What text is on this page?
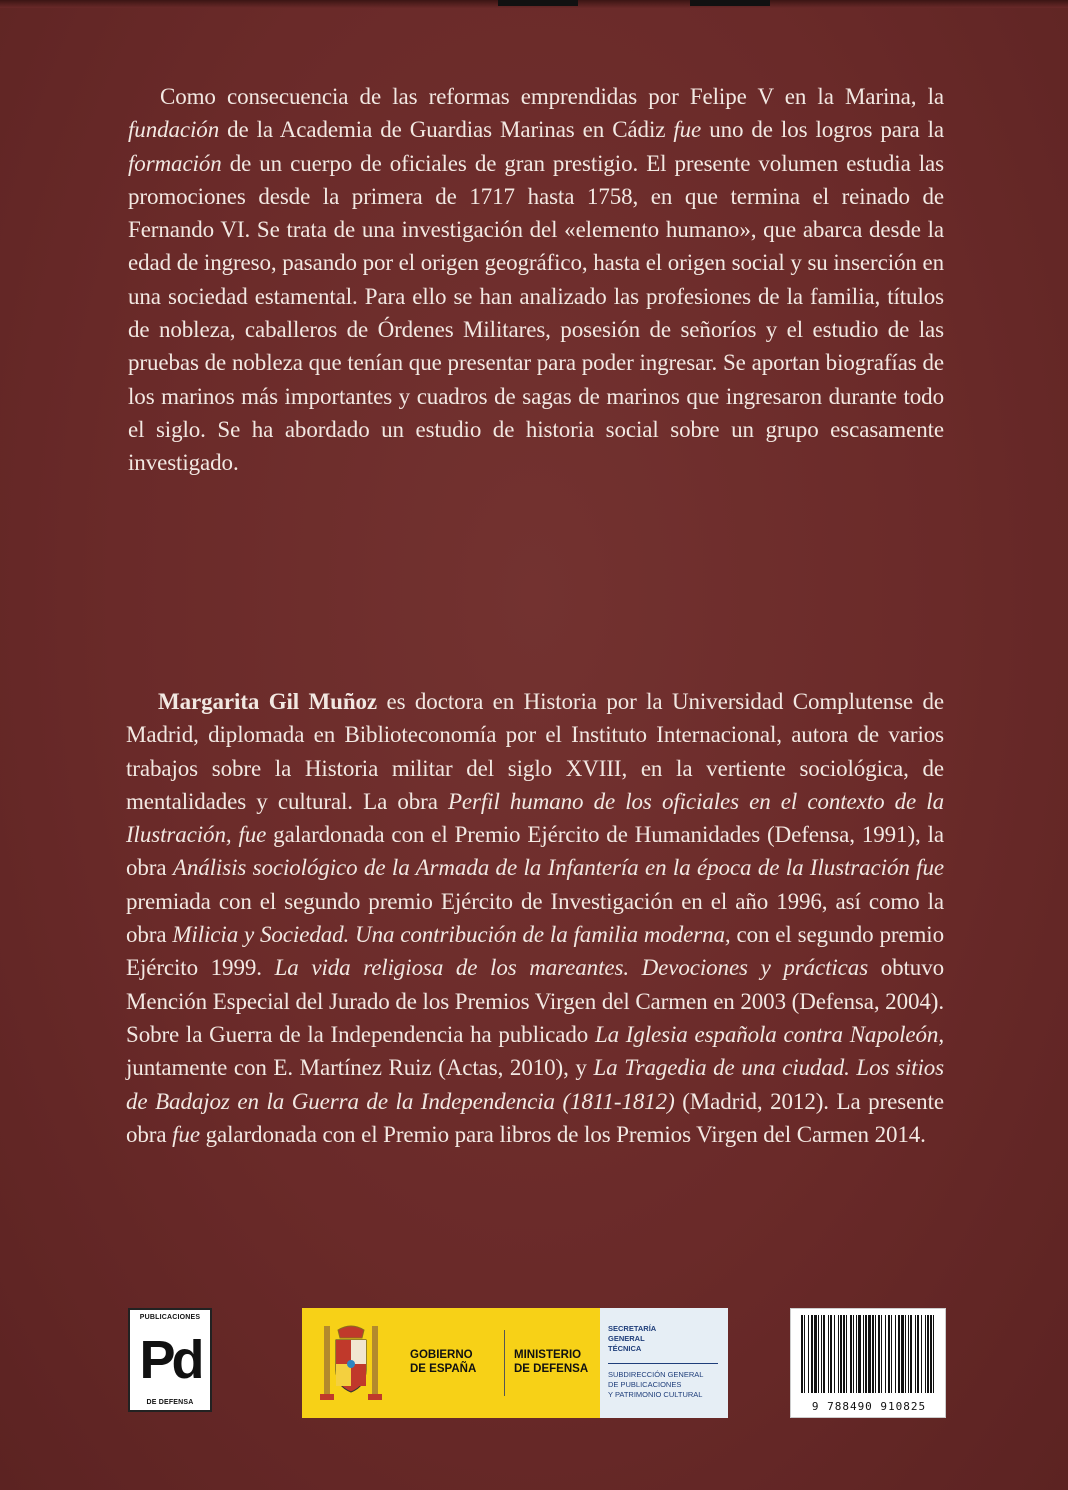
Como consecuencia de las reformas emprendidas por Felipe V en la Marina, la fundación de la Academia de Guardias Marinas en Cádiz fue uno de los logros para la formación de un cuerpo de oficiales de gran prestigio. El presente volumen estudia las promociones desde la primera de 1717 hasta 1758, en que termina el reinado de Fernando VI. Se trata de una investigación del «elemento humano», que abarca desde la edad de ingreso, pasando por el origen geográfico, hasta el origen social y su inserción en una sociedad estamental. Para ello se han analizado las profesiones de la familia, títulos de nobleza, caballeros de Órdenes Militares, posesión de señoríos y el estudio de las pruebas de nobleza que tenían que presentar para poder ingresar. Se aportan biografías de los marinos más importantes y cuadros de sagas de marinos que ingresaron durante todo el siglo. Se ha abordado un estudio de historia social sobre un grupo escasamente investigado.

Margarita Gil Muñoz es doctora en Historia por la Universidad Complutense de Madrid, diplomada en Biblioteconomía por el Instituto Internacional, autora de varios trabajos sobre la Historia militar del siglo XVIII, en la vertiente sociológica, de mentalidades y cultural. La obra Perfil humano de los oficiales en el contexto de la Ilustración, fue galardonada con el Premio Ejército de Humanidades (Defensa, 1991), la obra Análisis sociológico de la Armada de la Infantería en la época de la Ilustración fue premiada con el segundo premio Ejército de Investigación en el año 1996, así como la obra Milicia y Sociedad. Una contribución de la familia moderna, con el segundo premio Ejército 1999. La vida religiosa de los mareantes. Devociones y prácticas obtuvo Mención Especial del Jurado de los Premios Virgen del Carmen en 2003 (Defensa, 2004). Sobre la Guerra de la Independencia ha publicado La Iglesia española contra Napoleón, juntamente con E. Martínez Ruiz (Actas, 2010), y La Tragedia de una ciudad. Los sitios de Badajoz en la Guerra de la Independencia (1811-1812) (Madrid, 2012). La presente obra fue galardonada con el Premio para libros de los Premios Virgen del Carmen 2014.

PUBLICACIONES
Pd
DE DEFENSA
GOBIERNO
DE ESPAÑA
MINISTERIO
DE DEFENSA
SECRETARÍA
GENERAL
TÉCNICA
SUBDIRECCIÓN GENERAL
DE PUBLICACIONES
Y PATRIMONIO CULTURAL
9 788490 910825
